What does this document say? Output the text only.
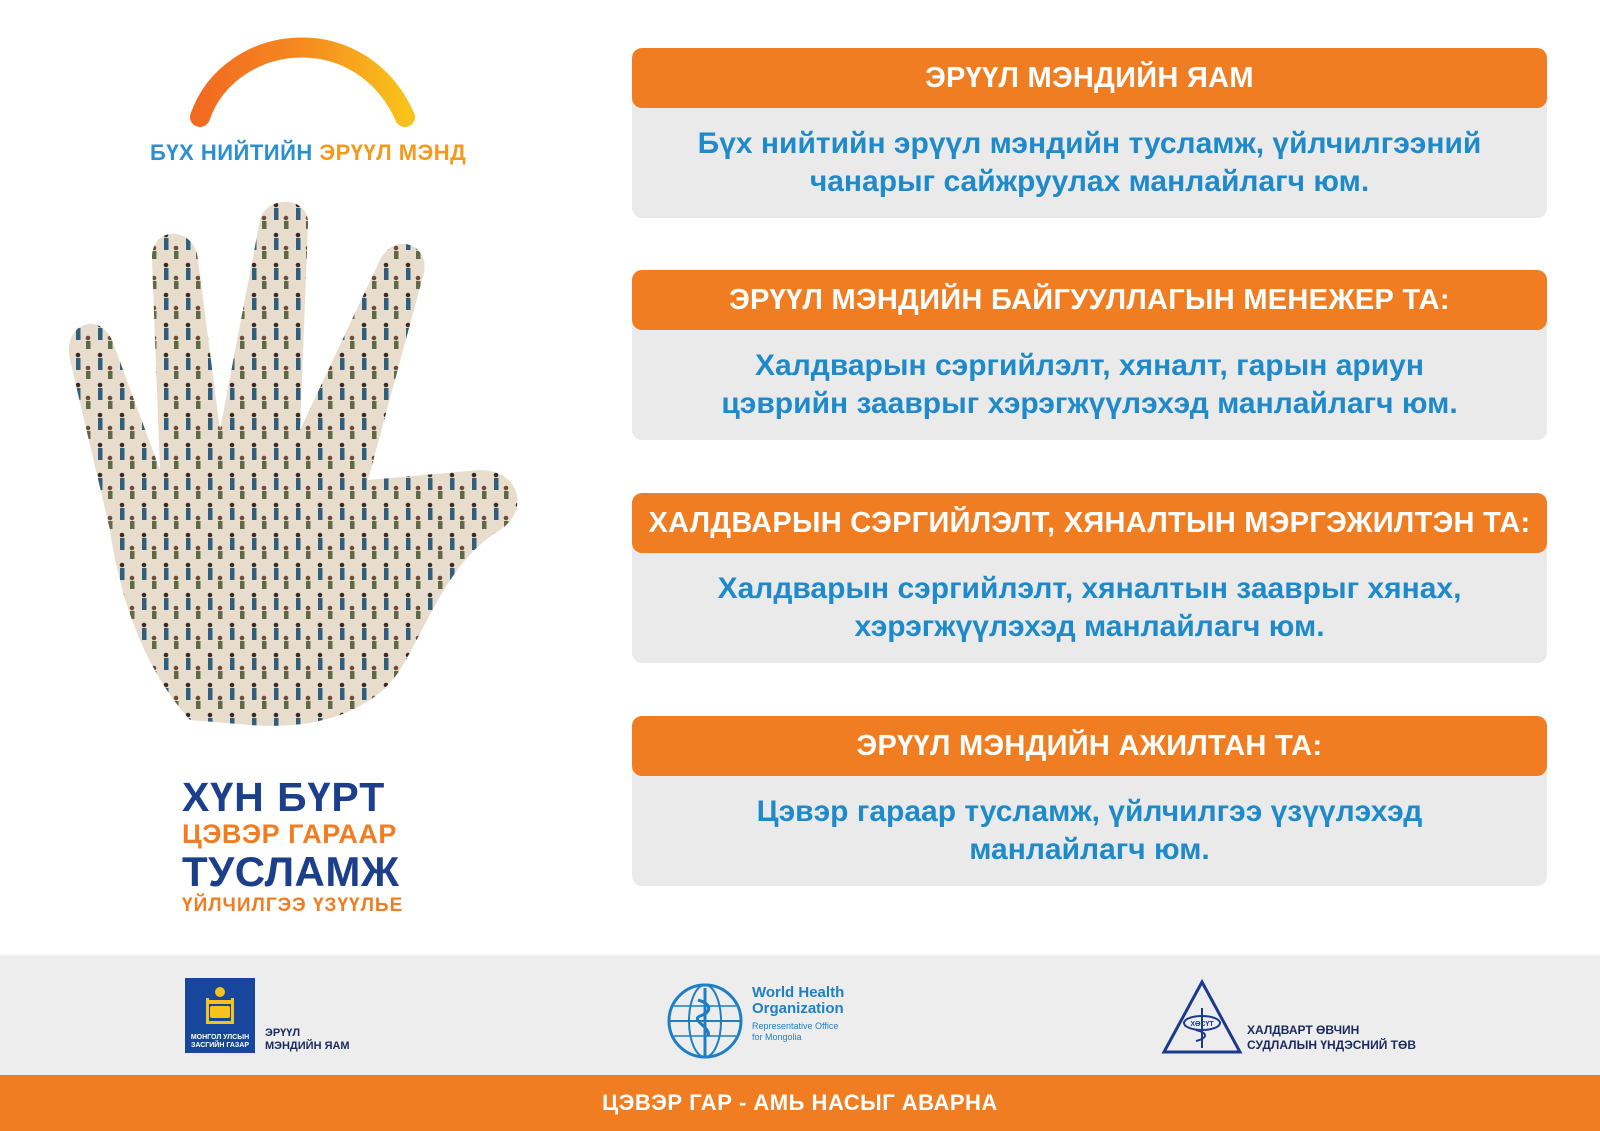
БҮХ НИЙТИЙН ЭРҮҮЛ МЭНД
ХҮН БҮРТ
ЦЭВЭР ГАРААР
ТУСЛАМЖ
ҮЙЛЧИЛГЭЭ ҮЗҮҮЛЬЕ
ЭРҮҮЛ МЭНДИЙН ЯАМ
Бүх нийтийн эрүүл мэндийн тусламж, үйлчилгээний чанарыг сайжруулах манлайлагч юм.
ЭРҮҮЛ МЭНДИЙН БАЙГУУЛЛАГЫН МЕНЕЖЕР ТА:
Халдварын сэргийлэлт, хяналт, гарын ариун цэврийн зааврыг хэрэгжүүлэхэд манлайлагч юм.
ХАЛДВАРЫН СЭРГИЙЛЭЛТ, ХЯНАЛТЫН МЭРГЭЖИЛТЭН ТА:
Халдварын сэргийлэлт, хяналтын зааврыг хянах, хэрэгжүүлэхэд манлайлагч юм.
ЭРҮҮЛ МЭНДИЙН АЖИЛТАН ТА:
Цэвэр гараар тусламж, үйлчилгээ үзүүлэхэд манлайлагч юм.
МОНГОЛ УЛСЫН ЗАСГИЙН ГАЗАР
ЭРҮҮЛ
МЭНДИЙН ЯАМ
World Health
Organization
Representative Office
for Mongolia
ХӨСҮТ	ХАЛДВАРТ ӨВЧИН
СУДЛАЛЫН ҮНДЭСНИЙ ТӨВ
ЦЭВЭР ГАР - АМЬ НАСЫГ АВАРНА
